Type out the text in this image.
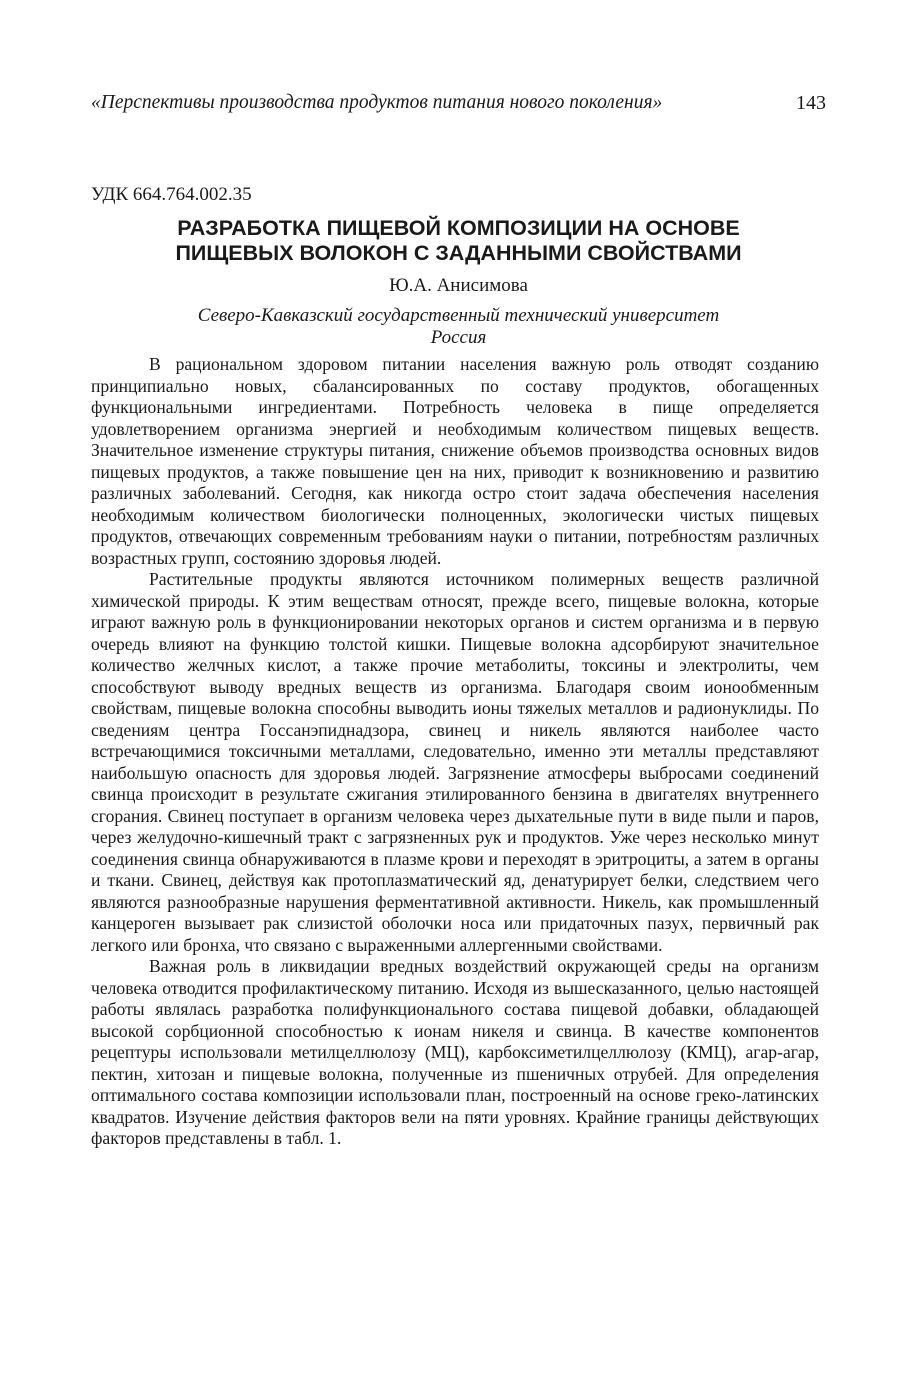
«Перспективы производства продуктов питания нового поколения»	143
УДК 664.764.002.35
РАЗРАБОТКА ПИЩЕВОЙ КОМПОЗИЦИИ НА ОСНОВЕ
ПИЩЕВЫХ ВОЛОКОН С ЗАДАННЫМИ СВОЙСТВАМИ
Ю.А. Анисимова
Северо-Кавказский государственный технический университет
Россия

В рациональном здоровом питании населения важную роль отводят созданию принципиально новых, сбалансированных по составу продуктов, обогащенных функциональными ингредиентами. Потребность человека в пище определяется удовлетворением организма энергией и необходимым количеством пищевых веществ. Значительное изменение структуры питания, снижение объемов производства основных видов пищевых продуктов, а также повышение цен на них, приводит к возникновению и развитию различных заболеваний. Сегодня, как никогда остро стоит задача обеспечения населения необходимым количеством биологически полноценных, экологически чистых пищевых продуктов, отвечающих современным требованиям науки о питании, потребностям различных возрастных групп, состоянию здоровья людей.

Растительные продукты являются источником полимерных веществ различной химической природы. К этим веществам относят, прежде всего, пищевые волокна, которые играют важную роль в функционировании некоторых органов и систем организма и в первую очередь влияют на функцию толстой кишки. Пищевые волокна адсорбируют значительное количество желчных кислот, а также прочие метаболиты, токсины и электролиты, чем способствуют выводу вредных веществ из организма. Благодаря своим ионообменным свойствам, пищевые волокна способны выводить ионы тяжелых металлов и радионуклиды. По сведениям центра Госсанэпиднадзора, свинец и никель являются наиболее часто встречающимися токсичными металлами, следовательно, именно эти металлы представляют наибольшую опасность для здоровья людей. Загрязнение атмосферы выбросами соединений свинца происходит в результате сжигания этилированного бензина в двигателях внутреннего сгорания. Свинец поступает в организм человека через дыхательные пути в виде пыли и паров, через желудочно-кишечный тракт с загрязненных рук и продуктов. Уже через несколько минут соединения свинца обнаруживаются в плазме крови и переходят в эритроциты, а затем в органы и ткани. Свинец, действуя как протоплазматический яд, денатурирует белки, следствием чего являются разнообразные нарушения ферментативной активности. Никель, как промышленный канцероген вызывает рак слизистой оболочки носа или придаточных пазух, первичный рак легкого или бронха, что связано с выраженными аллергенными свойствами.

Важная роль в ликвидации вредных воздействий окружающей среды на организм человека отводится профилактическому питанию. Исходя из вышесказанного, целью настоящей работы являлась разработка полифункционального состава пищевой добавки, обладающей высокой сорбционной способностью к ионам никеля и свинца. В качестве компонентов рецептуры использовали метилцеллюлозу (МЦ), карбоксиметилцеллюлозу (КМЦ), агар-агар, пектин, хитозан и пищевые волокна, полученные из пшеничных отрубей. Для определения оптимального состава композиции использовали план, построенный на основе греко-латинских квадратов. Изучение действия факторов вели на пяти уровнях. Крайние границы действующих факторов представлены в табл. 1.
